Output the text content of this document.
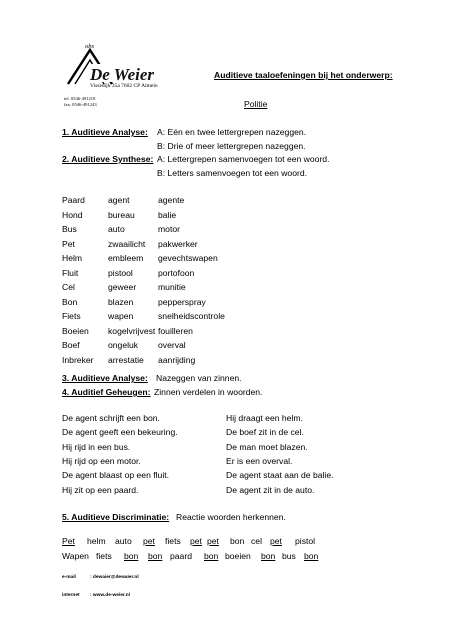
obs
De Weier
Vissedijk 35a 7602 CP Almelo
tel. 0546-491218
fax. 0546-491243
Auditieve taaloefeningen bij het onderwerp:
Politie
1. Auditieve Analyse: A: Eén en twee lettergrepen nazeggen.
B: Drie of meer lettergrepen nazeggen.
2. Auditieve Synthese: A: Lettergrepen samenvoegen tot een woord.
B: Letters samenvoegen tot een woord.
Paard	agent	agente
Hond	bureau	balie
Bus	auto	motor
Pet	zwaailicht pakwerker
Helm	embleem gevechtswapen
Fluit	pistool	portofoon
Cel	geweer	munitie
Bon	blazen	pepperspray
Fiets	wapen	snelheidscontrole
Boeien kogelvrijvest fouilleren
Boef	ongeluk overval
Inbreker arrestatie aanrijding
3. Auditieve Analyse: Nazeggen van zinnen.
4. Auditief Geheugen: Zinnen verdelen in woorden.
De agent schrijft een bon.	Hij draagt een helm.
De agent geeft een bekeuring.	De boef zit in de cel.
Hij rijd in een bus.	De man moet blazen.
Hij rijd op een motor.	Er is een overval.
De agent blaast op een fluit.	De agent staat aan de balie.
Hij zit op een paard.	De agent zit in de auto.
5. Auditieve Discriminatie: Reactie woorden herkennen.
Pet helm auto pet fiets pet pet bon cel pet pistol
Wapen fiets bon bon paard bon boeien bon bus bon
e-mail	: dewaier@dewaier.nl
internet : www.de-weier.nl
